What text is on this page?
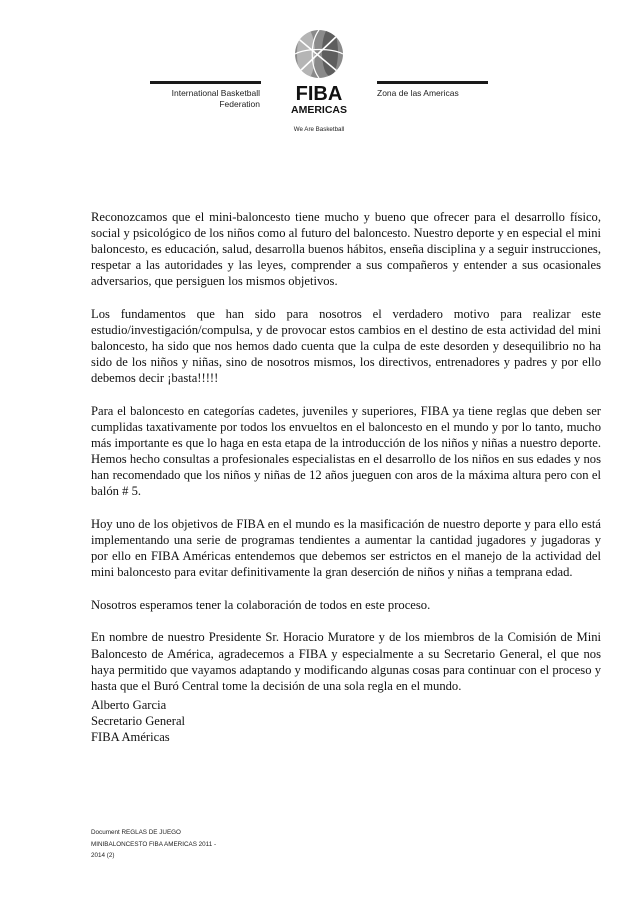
International Basketball
Federation
Zona de las Americas
FIBA
AMERICAS
We Are Basketball

Reconozcamos que el mini-baloncesto tiene mucho y bueno que ofrecer para el desarrollo físico, social y psicológico de los niños como al futuro del baloncesto. Nuestro deporte y en especial el mini baloncesto, es educación, salud, desarrolla buenos hábitos, enseña disciplina y a seguir instrucciones, respetar a las autoridades y las leyes, comprender a sus compañeros y entender a sus ocasionales adversarios, que persiguen los mismos objetivos.

Los fundamentos que han sido para nosotros el verdadero motivo para realizar este estudio/investigación/compulsa, y de provocar estos cambios en el destino de esta actividad del mini baloncesto, ha sido que nos hemos dado cuenta que la culpa de este desorden y desequilibrio no ha sido de los niños y niñas, sino de nosotros mismos, los directivos, entrenadores y padres y por ello debemos decir ¡basta!!!!!

Para el baloncesto en categorías cadetes, juveniles y superiores, FIBA ya tiene reglas que deben ser cumplidas taxativamente por todos los envueltos en el baloncesto en el mundo y por lo tanto, mucho más importante es que lo haga en esta etapa de la introducción de los niños y niñas a nuestro deporte. Hemos hecho consultas a profesionales especialistas en el desarrollo de los niños en sus edades y nos han recomendado que los niños y niñas de 12 años jueguen con aros de la máxima altura pero con el balón # 5.

Hoy uno de los objetivos de FIBA en el mundo es la masificación de nuestro deporte y para ello está implementando una serie de programas tendientes a aumentar la cantidad jugadores y jugadoras y por ello en FIBA Américas entendemos que debemos ser estrictos en el manejo de la actividad del mini baloncesto para evitar definitivamente la gran deserción de niños y niñas a temprana edad.

Nosotros esperamos tener la colaboración de todos en este proceso.

En nombre de nuestro Presidente Sr. Horacio Muratore y de los miembros de la Comisión de Mini Baloncesto de América, agradecemos a FIBA y especialmente a su Secretario General, el que nos haya permitido que vayamos adaptando y modificando algunas cosas para continuar con el proceso y hasta que el Buró Central tome la decisión de una sola regla en el mundo.

Alberto Garcia
Secretario General
FIBA Américas
Document REGLAS DE JUEGO
MINIBALONCESTO FIBA AMERICAS 2011 -
2014 (2)
